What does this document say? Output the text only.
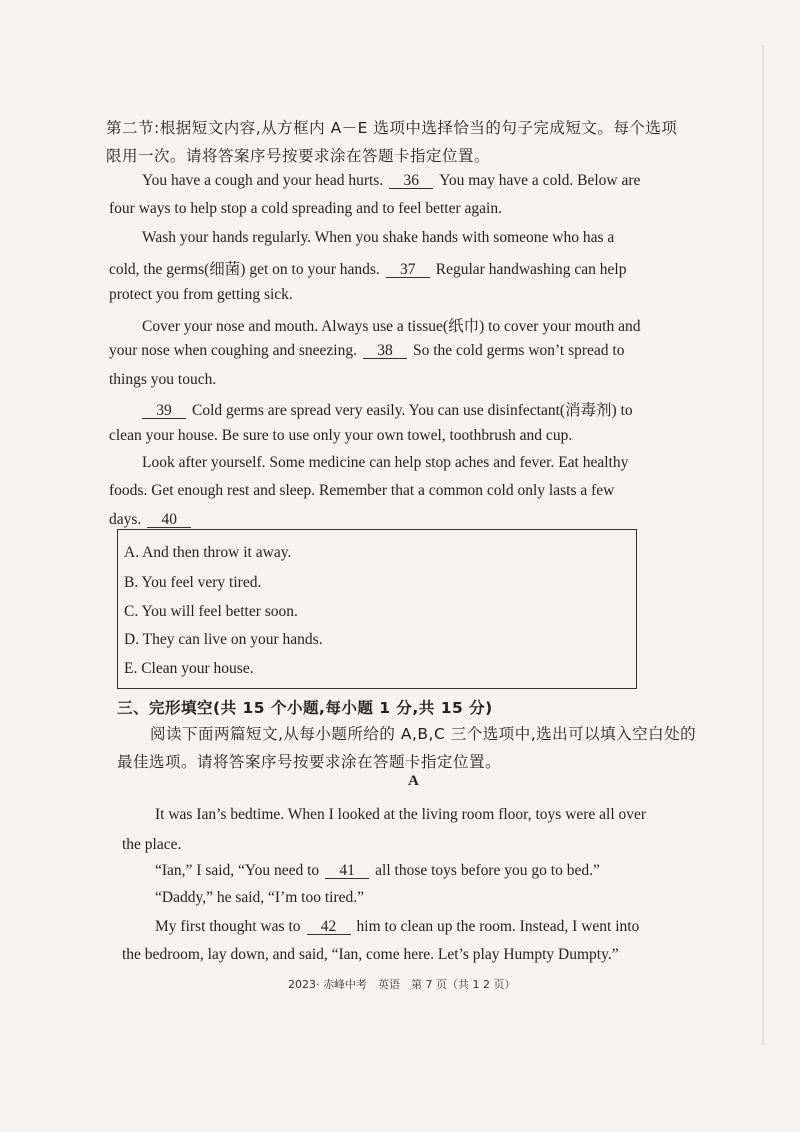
第二节:根据短文内容,从方框内 A－E 选项中选择恰当的句子完成短文。每个选项
限用一次。请将答案序号按要求涂在答题卡指定位置。
You have a cough and your head hurts. 36 You may have a cold. Below are
four ways to help stop a cold spreading and to feel better again.
Wash your hands regularly. When you shake hands with someone who has a
cold, the germs(细菌) get on to your hands. 37 Regular handwashing can help
protect you from getting sick.
Cover your nose and mouth. Always use a tissue(纸巾) to cover your mouth and
your nose when coughing and sneezing. 38 So the cold germs won’t spread to
things you touch.
39 Cold germs are spread very easily. You can use disinfectant(消毒剂) to
clean your house. Be sure to use only your own towel, toothbrush and cup.
Look after yourself. Some medicine can help stop aches and fever. Eat healthy
foods. Get enough rest and sleep. Remember that a common cold only lasts a few
days. 40
A. And then throw it away.
B. You feel very tired.
C. You will feel better soon.
D. They can live on your hands.
E. Clean your house.
三、完形填空(共 15 个小题,每小题 1 分,共 15 分)
阅读下面两篇短文,从每小题所给的 A,B,C 三个选项中,选出可以填入空白处的
最佳选项。请将答案序号按要求涂在答题卡指定位置。
A
It was Ian’s bedtime. When I looked at the living room floor, toys were all over
the place.
“Ian,” I said, “You need to 41 all those toys before you go to bed.”
“Daddy,” he said, “I’m too tired.”
My first thought was to 42 him to clean up the room. Instead, I went into
the bedroom, lay down, and said, “Ian, come here. Let’s play Humpty Dumpty.”
2023· 赤峰中考　英语　第 7 页（共 1 2 页）
